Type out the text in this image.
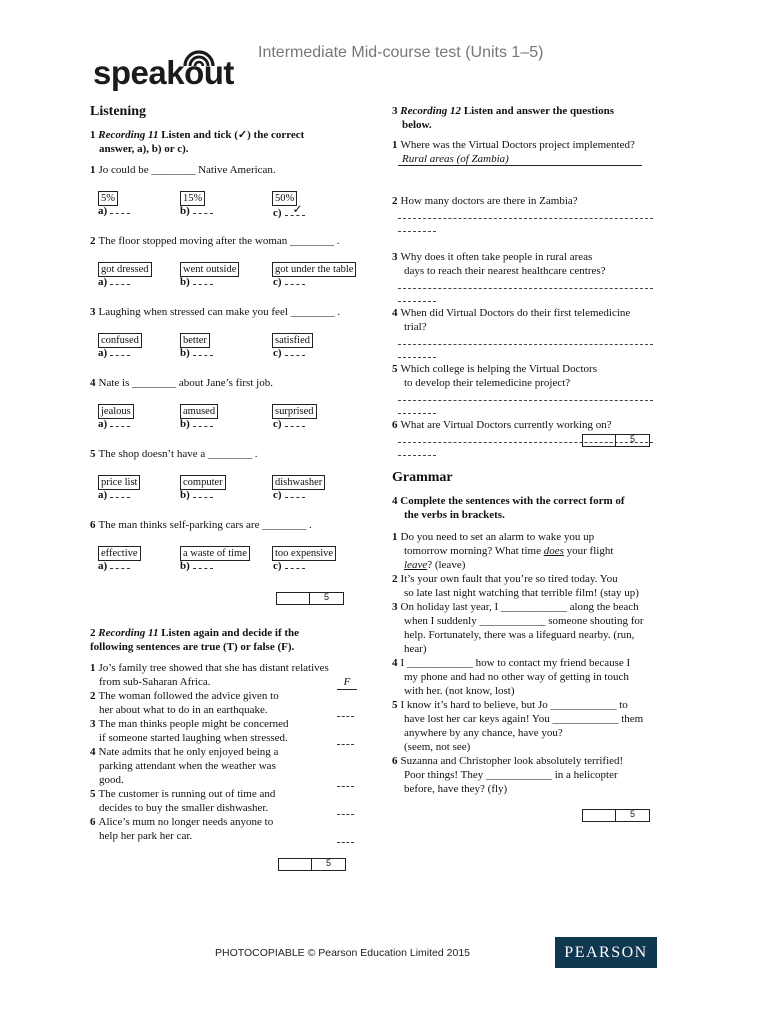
speakout
Intermediate Mid-course test (Units 1–5)
Listening
1 Recording 11 Listen and tick (✓) the correct
answer, a), b) or c).
1 Jo could be ________ Native American.
5%
a)
15%
b)
50%
c) ✓
2 The floor stopped moving after the woman ________ .
got dressed
a)
went outside
b)
got under the table
c)
3 Laughing when stressed can make you feel ________ .
confused
a)
better
b)
satisfied
c)
4 Nate is ________ about Jane’s first job.
jealous
a)
amused
b)
surprised
c)
5 The shop doesn’t have a ________ .
price list
a)
computer
b)
dishwasher
c)
6 The man thinks self-parking cars are ________ .
effective
a)
a waste of time
b)
too expensive
c)
5
2 Recording 11 Listen again and decide if the
following sentences are true (T) or false (F).
1 Jo’s family tree showed that she has distant relatives
from sub-Saharan Africa.	F
2 The woman followed the advice given to
her about what to do in an earthquake.
3 The man thinks people might be concerned
if someone started laughing when stressed.
4 Nate admits that he only enjoyed being a
parking attendant when the weather was
good.
5 The customer is running out of time and
decides to buy the smaller dishwasher.
6 Alice’s mum no longer needs anyone to
help her park her car.
5
3 Recording 12 Listen and answer the questions
below.
1 Where was the Virtual Doctors project implemented?
Rural areas (of Zambia)
2 How many doctors are there in Zambia?
3 Why does it often take people in rural areas
days to reach their nearest healthcare centres?
4 When did Virtual Doctors do their first telemedicine
trial?
5 Which college is helping the Virtual Doctors
to develop their telemedicine project?
6 What are Virtual Doctors currently working on?
5
Grammar
4 Complete the sentences with the correct form of
the verbs in brackets.
1 Do you need to set an alarm to wake you up
tomorrow morning? What time does your flight
leave? (leave)
2 It’s your own fault that you’re so tired today. You
so late last night watching that terrible film! (stay up)
3 On holiday last year, I ____________ along the beach
when I suddenly ____________ someone shouting for
help. Fortunately, there was a lifeguard nearby. (run,
hear)
4 I ____________ how to contact my friend because I
my phone and had no other way of getting in touch
with her. (not know, lost)
5 I know it’s hard to believe, but Jo ____________ to
have lost her car keys again! You ____________ them
anywhere by any chance, have you?
(seem, not see)
6 Suzanna and Christopher look absolutely terrified!
Poor things! They ____________ in a helicopter
before, have they? (fly)
5
PHOTOCOPIABLE © Pearson Education Limited 2015	PEARSON
